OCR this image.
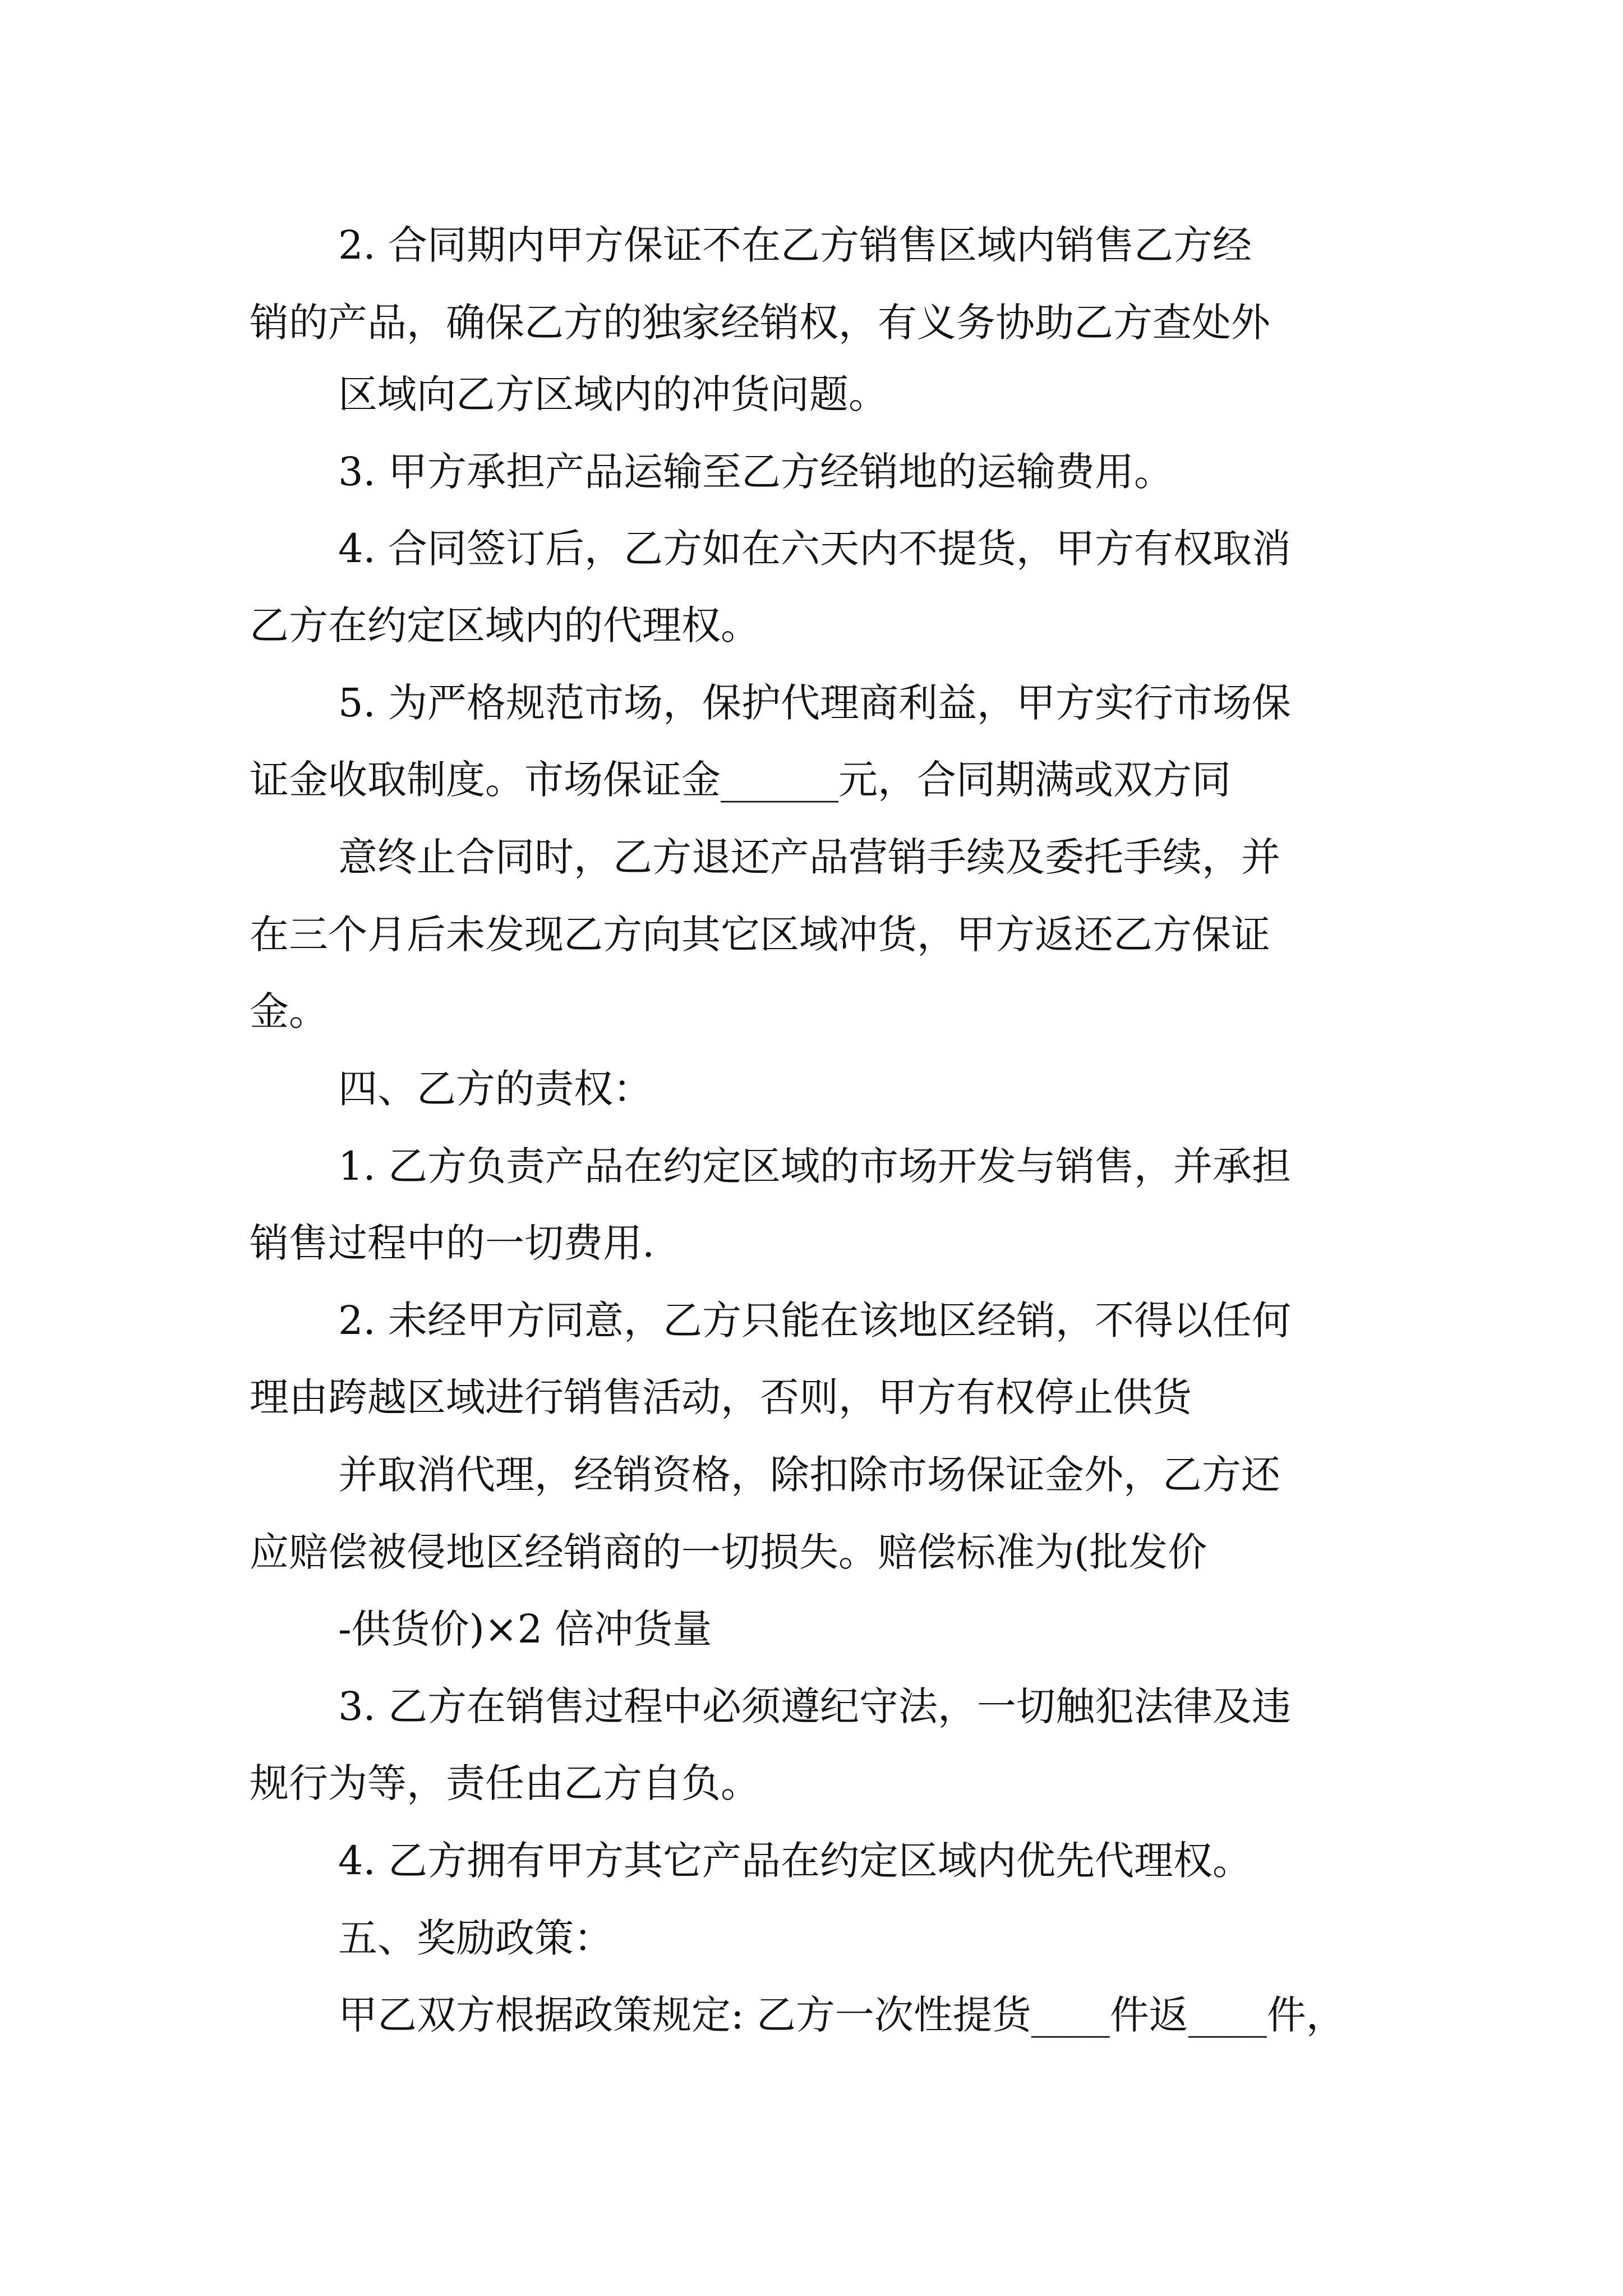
2. 合同期内甲方保证不在乙方销售区域内销售乙方经
销的产品，确保乙方的独家经销权，有义务协助乙方查处外
区域向乙方区域内的冲货问题。
3. 甲方承担产品运输至乙方经销地的运输费用。
4. 合同签订后，乙方如在六天内不提货，甲方有权取消
乙方在约定区域内的代理权。
5. 为严格规范市场，保护代理商利益，甲方实行市场保
证金收取制度。市场保证金______元，合同期满或双方同
意终止合同时，乙方退还产品营销手续及委托手续，并
在三个月后未发现乙方向其它区域冲货，甲方返还乙方保证
金。
四、乙方的责权：
1. 乙方负责产品在约定区域的市场开发与销售，并承担
销售过程中的一切费用.
2. 未经甲方同意，乙方只能在该地区经销，不得以任何
理由跨越区域进行销售活动，否则，甲方有权停止供货
并取消代理，经销资格，除扣除市场保证金外，乙方还
应赔偿被侵地区经销商的一切损失。赔偿标准为(批发价
-供货价)×2 倍冲货量
3. 乙方在销售过程中必须遵纪守法，一切触犯法律及违
规行为等，责任由乙方自负。
4. 乙方拥有甲方其它产品在约定区域内优先代理权。
五、奖励政策：
甲乙双方根据政策规定: 乙方一次性提货____件返____件，
